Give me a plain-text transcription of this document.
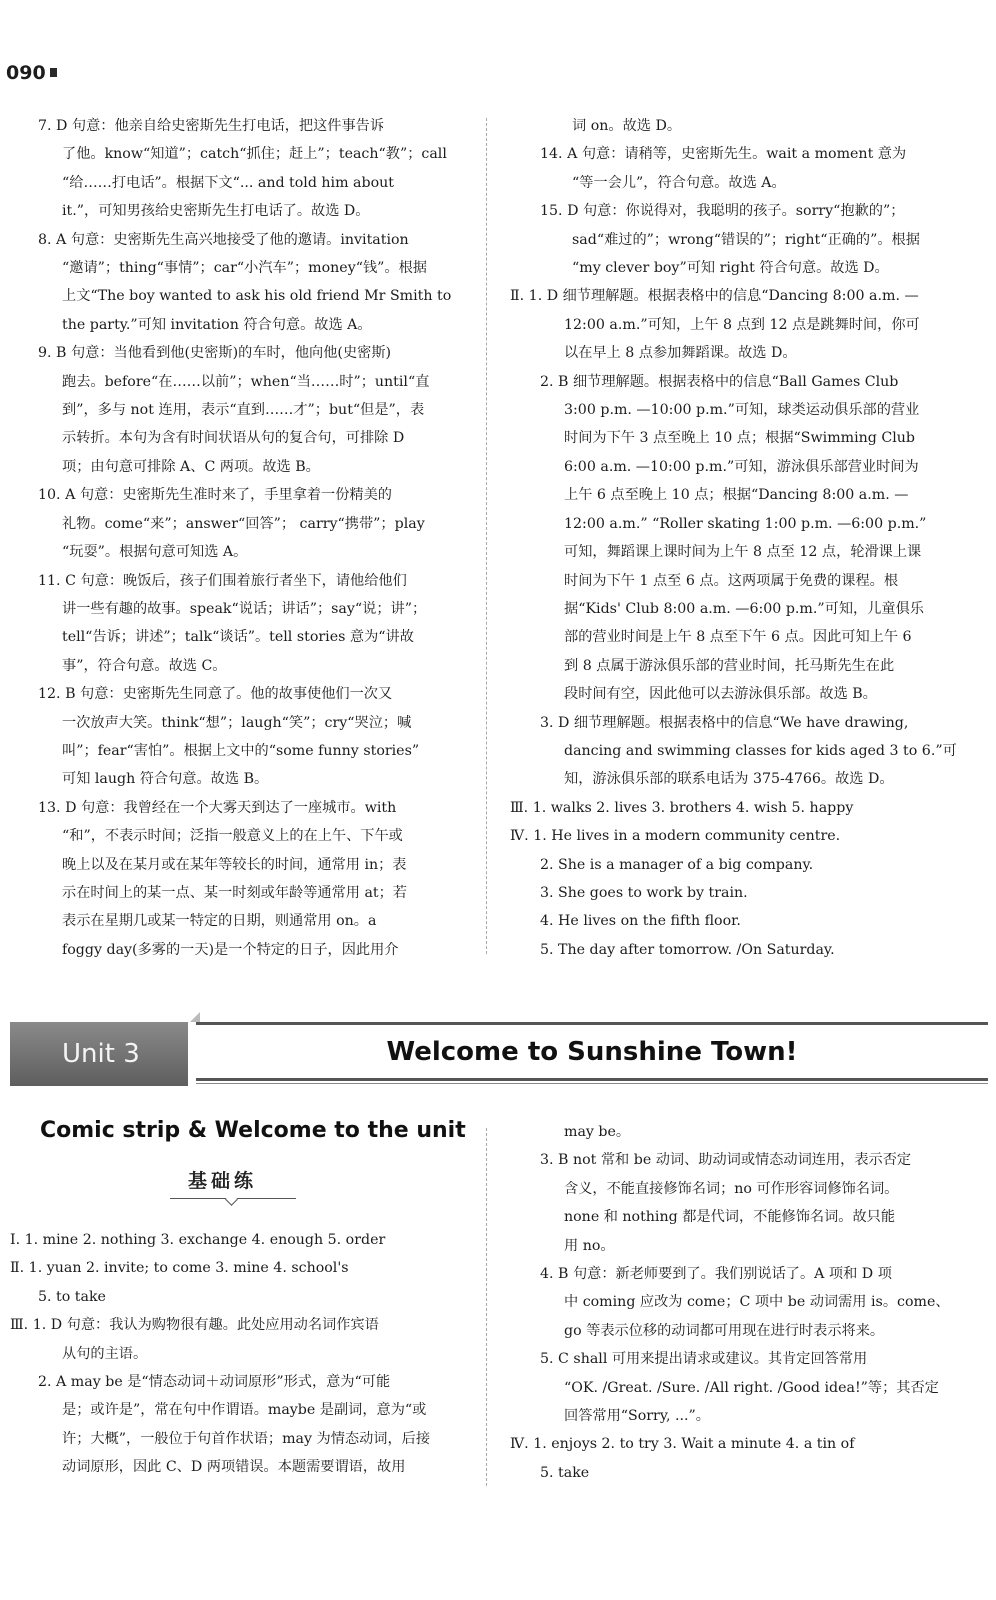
090

7. D 句意：他亲自给史密斯先生打电话，把这件事告诉

了他。know“知道”；catch“抓住；赶上”；teach“教”；call

“给……打电话”。根据下文“... and told him about

it.”，可知男孩给史密斯先生打电话了。故选 D。

8. A 句意：史密斯先生高兴地接受了他的邀请。invitation

“邀请”；thing“事情”；car“小汽车”；money“钱”。根据

上文“The boy wanted to ask his old friend Mr Smith to

the party.”可知 invitation 符合句意。故选 A。

9. B 句意：当他看到他(史密斯)的车时，他向他(史密斯)

跑去。before“在……以前”；when“当……时”；until“直

到”，多与 not 连用，表示“直到……才”；but“但是”，表

示转折。本句为含有时间状语从句的复合句，可排除 D

项；由句意可排除 A、C 两项。故选 B。

10. A 句意：史密斯先生准时来了，手里拿着一份精美的

礼物。come“来”；answer“回答”； carry“携带”；play

“玩耍”。根据句意可知选 A。

11. C 句意：晚饭后，孩子们围着旅行者坐下，请他给他们

讲一些有趣的故事。speak“说话；讲话”；say“说；讲”；

tell“告诉；讲述”；talk“谈话”。tell stories 意为“讲故

事”，符合句意。故选 C。

12. B 句意：史密斯先生同意了。他的故事使他们一次又

一次放声大笑。think“想”；laugh“笑”；cry“哭泣；喊

叫”；fear“害怕”。根据上文中的“some funny stories”

可知 laugh 符合句意。故选 B。

13. D 句意：我曾经在一个大雾天到达了一座城市。with

“和”，不表示时间；泛指一般意义上的在上午、下午或

晚上以及在某月或在某年等较长的时间，通常用 in；表

示在时间上的某一点、某一时刻或年龄等通常用 at；若

表示在星期几或某一特定的日期，则通常用 on。a

foggy day(多雾的一天)是一个特定的日子，因此用介

词 on。故选 D。

14. A 句意：请稍等，史密斯先生。wait a moment 意为

“等一会儿”，符合句意。故选 A。

15. D 句意：你说得对，我聪明的孩子。sorry“抱歉的”；

sad“难过的”；wrong“错误的”；right“正确的”。根据

“my clever boy”可知 right 符合句意。故选 D。

Ⅱ. 1. D 细节理解题。根据表格中的信息“Dancing 8:00 a.m. —

12:00 a.m.”可知，上午 8 点到 12 点是跳舞时间，你可

以在早上 8 点参加舞蹈课。故选 D。

2. B 细节理解题。根据表格中的信息“Ball Games Club

3:00 p.m. —10:00 p.m.”可知，球类运动俱乐部的营业

时间为下午 3 点至晚上 10 点；根据“Swimming Club

6:00 a.m. —10:00 p.m.”可知，游泳俱乐部营业时间为

上午 6 点至晚上 10 点；根据“Dancing 8:00 a.m. —

12:00 a.m.” “Roller skating 1:00 p.m. —6:00 p.m.”

可知，舞蹈课上课时间为上午 8 点至 12 点，轮滑课上课

时间为下午 1 点至 6 点。这两项属于免费的课程。根

据“Kids' Club 8:00 a.m. —6:00 p.m.”可知，儿童俱乐

部的营业时间是上午 8 点至下午 6 点。因此可知上午 6

到 8 点属于游泳俱乐部的营业时间，托马斯先生在此

段时间有空，因此他可以去游泳俱乐部。故选 B。

3. D 细节理解题。根据表格中的信息“We have drawing,

dancing and swimming classes for kids aged 3 to 6.”可

知，游泳俱乐部的联系电话为 375-4766。故选 D。

Ⅲ. 1. walks 2. lives 3. brothers 4. wish 5. happy

Ⅳ. 1. He lives in a modern community centre.

2. She is a manager of a big company.

3. She goes to work by train.

4. He lives on the fifth floor.

5. The day after tomorrow. /On Saturday.

Unit 3	Welcome to Sunshine Town!
Comic strip & Welcome to the unit
基础练

Ⅰ. 1. mine 2. nothing 3. exchange 4. enough 5. order

Ⅱ. 1. yuan 2. invite; to come 3. mine 4. school's

5. to take

Ⅲ. 1. D 句意：我认为购物很有趣。此处应用动名词作宾语

从句的主语。

2. A may be 是“情态动词＋动词原形”形式，意为“可能

是；或许是”，常在句中作谓语。maybe 是副词，意为“或

许；大概”，一般位于句首作状语；may 为情态动词，后接

动词原形，因此 C、D 两项错误。本题需要谓语，故用

may be。

3. B not 常和 be 动词、助动词或情态动词连用，表示否定

含义，不能直接修饰名词；no 可作形容词修饰名词。

none 和 nothing 都是代词，不能修饰名词。故只能

用 no。

4. B 句意：新老师要到了。我们别说话了。A 项和 D 项

中 coming 应改为 come；C 项中 be 动词需用 is。come、

go 等表示位移的动词都可用现在进行时表示将来。

5. C shall 可用来提出请求或建议。其肯定回答常用

“OK. /Great. /Sure. /All right. /Good idea!”等；其否定

回答常用“Sorry, ...”。

Ⅳ. 1. enjoys 2. to try 3. Wait a minute 4. a tin of

5. take
